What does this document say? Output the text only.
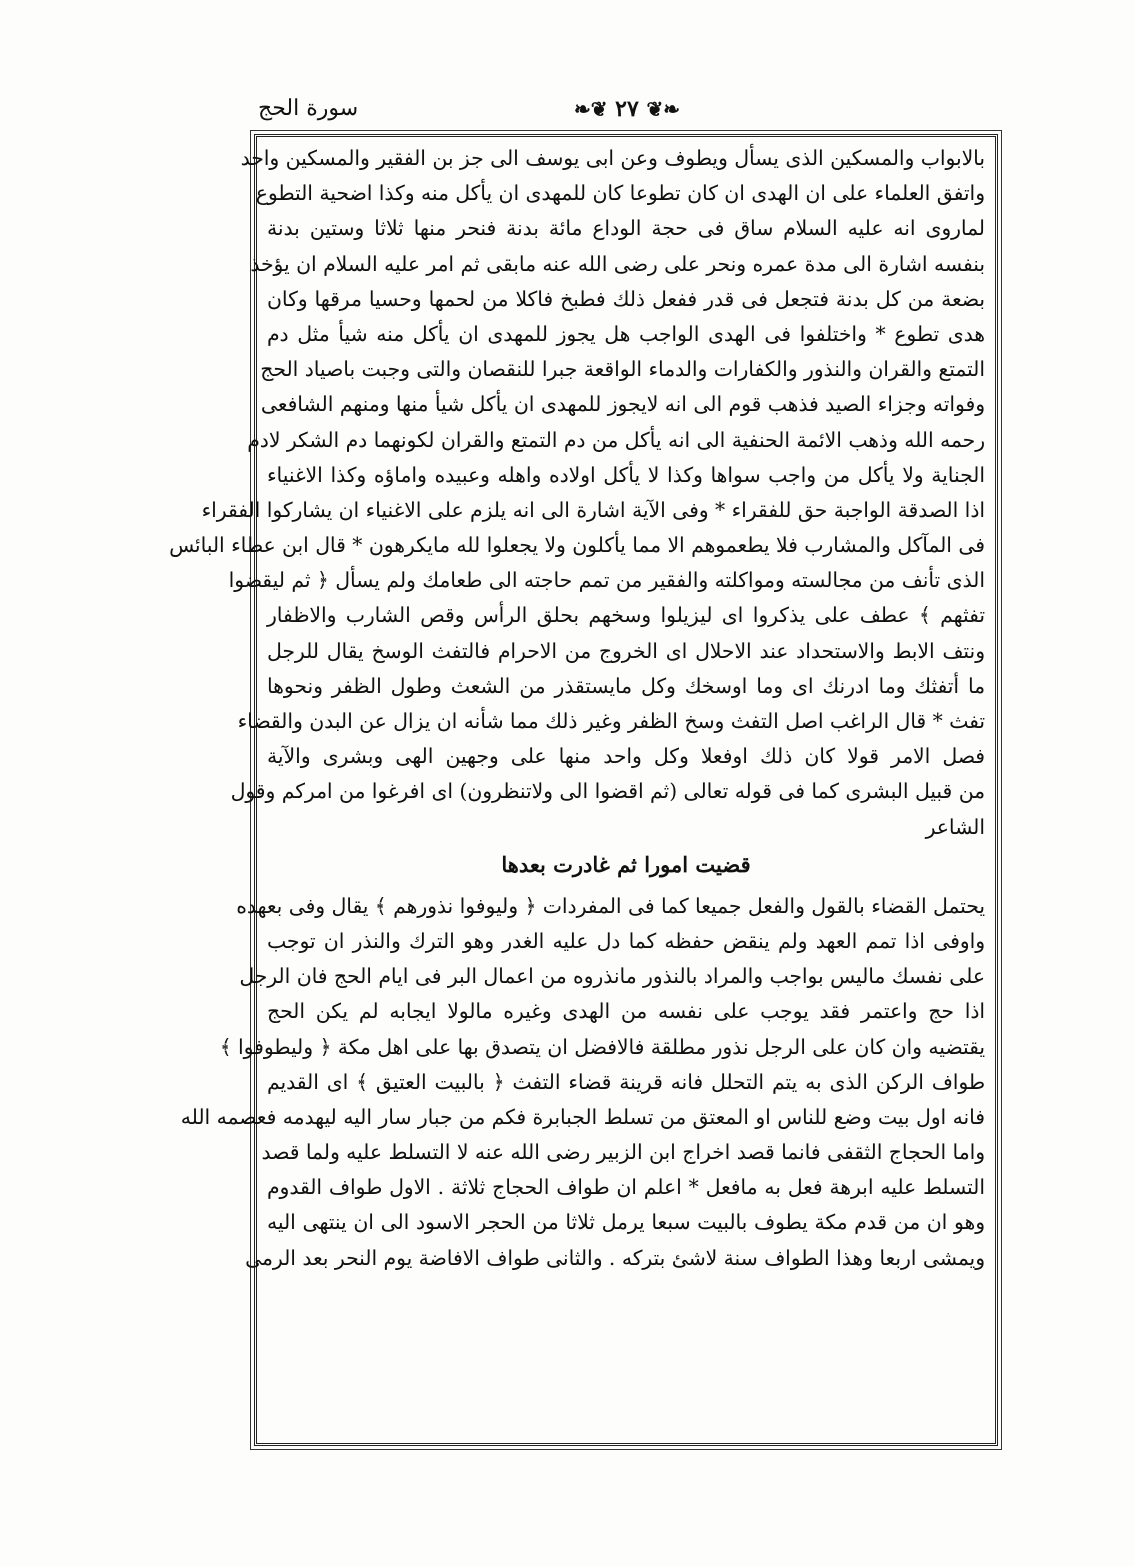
سورة الحج	❧❦ ٢٧ ❦❧
بالابواب والمسكين الذى يسأل ويطوف وعن ابى يوسف الى جز بن الفقير والمسكين واحد
واتفق العلماء على ان الهدى ان كان تطوعا كان للمهدى ان يأكل منه وكذا اضحية التطوع
لماروى انه عليه السلام ساق فى حجة الوداع مائة بدنة فنحر منها ثلاثا وستين بدنة
بنفسه اشارة الى مدة عمره ونحر على رضى الله عنه مابقى ثم امر عليه السلام ان يؤخذ
بضعة من كل بدنة فتجعل فى قدر ففعل ذلك فطبخ فاكلا من لحمها وحسيا مرقها وكان
هدى تطوع * واختلفوا فى الهدى الواجب هل يجوز للمهدى ان يأكل منه شيأ مثل دم
التمتع والقران والنذور والكفارات والدماء الواقعة جبرا للنقصان والتى وجبت باصياد الحج
وفواته وجزاء الصيد فذهب قوم الى انه لايجوز للمهدى ان يأكل شيأ منها ومنهم الشافعى
رحمه الله وذهب الائمة الحنفية الى انه يأكل من دم التمتع والقران لكونهما دم الشكر لادم
الجناية ولا يأكل من واجب سواها وكذا لا يأكل اولاده واهله وعبيده واماؤه وكذا الاغنياء
اذا الصدقة الواجبة حق للفقراء * وفى الآية اشارة الى انه يلزم على الاغنياء ان يشاركوا الفقراء
فى المآكل والمشارب فلا يطعموهم الا مما يأكلون ولا يجعلوا لله مايكرهون * قال ابن عطاء البائس
الذى تأنف من مجالسته ومواكلته والفقير من تمم حاجته الى طعامك ولم يسأل ﴿ ثم ليقضوا
تفثهم ﴾ عطف على يذكروا اى ليزيلوا وسخهم بحلق الرأس وقص الشارب والاظفار
ونتف الابط والاستحداد عند الاحلال اى الخروج من الاحرام فالتفث الوسخ يقال للرجل
ما أتفثك وما ادرنك اى وما اوسخك وكل مايستقذر من الشعث وطول الظفر ونحوها
تفث * قال الراغب اصل التفث وسخ الظفر وغير ذلك مما شأنه ان يزال عن البدن والقضاء
فصل الامر قولا كان ذلك اوفعلا وكل واحد منها على وجهين الهى وبشرى والآية
من قبيل البشرى كما فى قوله تعالى (ثم اقضوا الى ولاتنظرون) اى افرغوا من امركم وقول
الشاعر
قضيت امورا ثم غادرت بعدها
يحتمل القضاء بالقول والفعل جميعا كما فى المفردات ﴿ وليوفوا نذورهم ﴾ يقال وفى بعهده
واوفى اذا تمم العهد ولم ينقض حفظه كما دل عليه الغدر وهو الترك والنذر ان توجب
على نفسك ماليس بواجب والمراد بالنذور مانذروه من اعمال البر فى ايام الحج فان الرجل
اذا حج واعتمر فقد يوجب على نفسه من الهدى وغيره مالولا ايجابه لم يكن الحج
يقتضيه وان كان على الرجل نذور مطلقة فالافضل ان يتصدق بها على اهل مكة ﴿ وليطوفوا ﴾
طواف الركن الذى به يتم التحلل فانه قرينة قضاء التفث ﴿ بالبيت العتيق ﴾ اى القديم
فانه اول بيت وضع للناس او المعتق من تسلط الجبابرة فكم من جبار سار اليه ليهدمه فعصمه الله
واما الحجاج الثقفى فانما قصد اخراج ابن الزبير رضى الله عنه لا التسلط عليه ولما قصد
التسلط عليه ابرهة فعل به مافعل * اعلم ان طواف الحجاج ثلاثة . الاول طواف القدوم
وهو ان من قدم مكة يطوف بالبيت سبعا يرمل ثلاثا من الحجر الاسود الى ان ينتهى اليه
ويمشى اربعا وهذا الطواف سنة لاشئ بتركه . والثانى طواف الافاضة يوم النحر بعد الرمى
